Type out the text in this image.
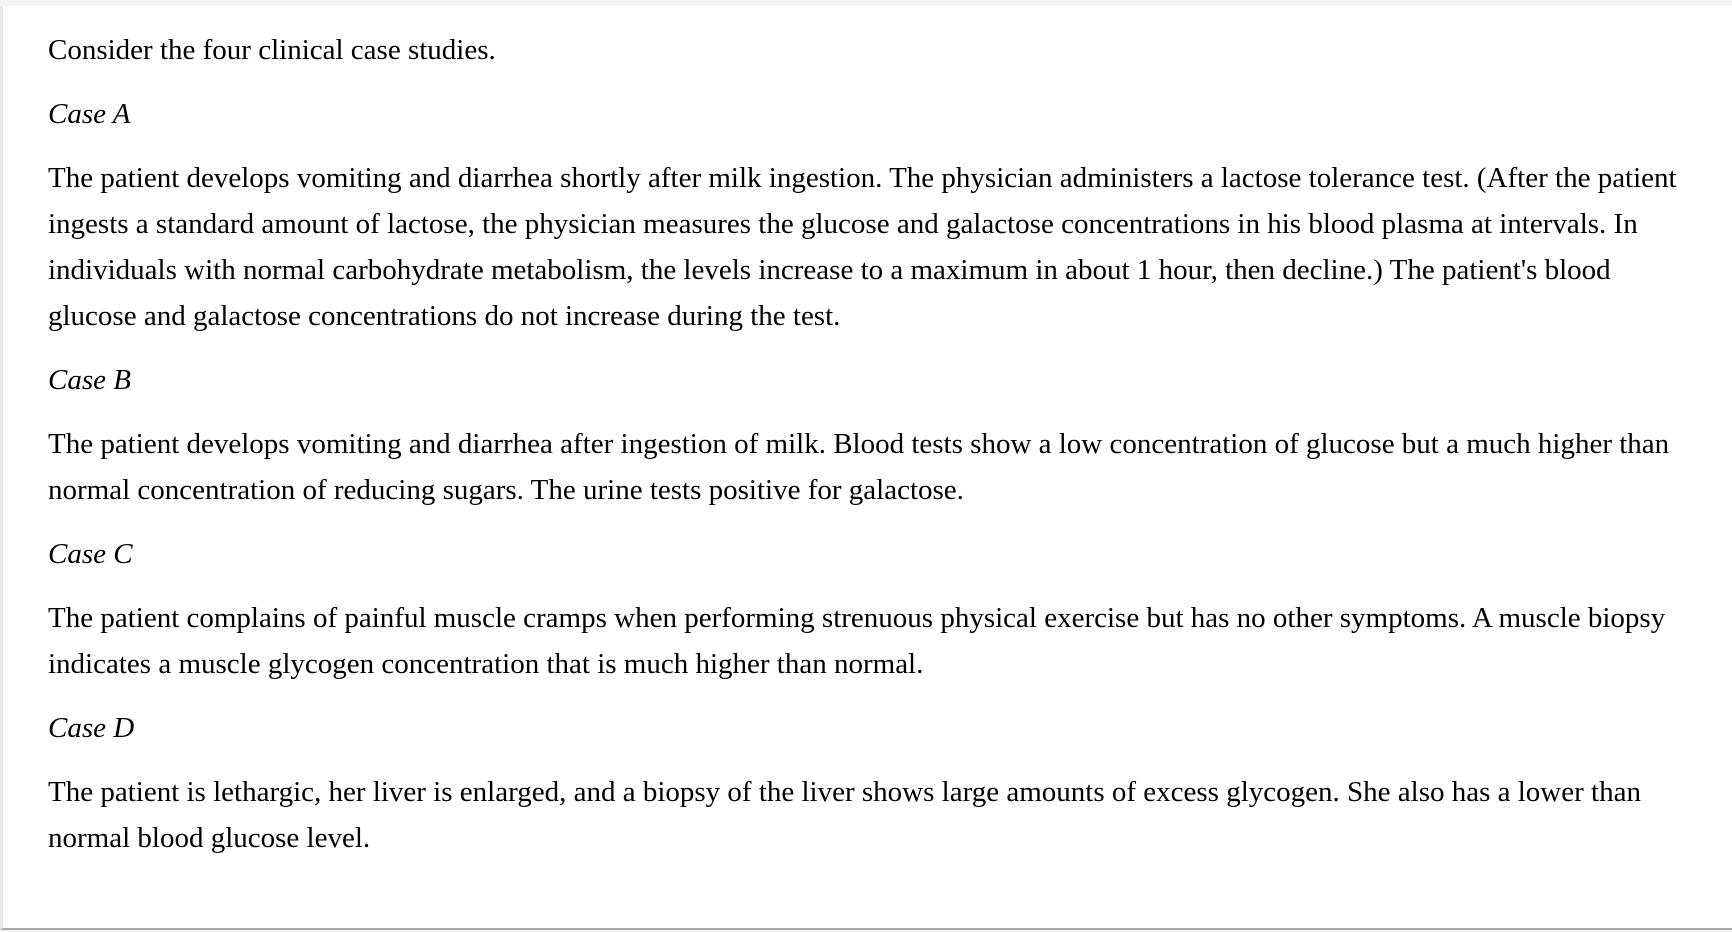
Consider the four clinical case studies.

Case A

The patient develops vomiting and diarrhea shortly after milk ingestion. The physician administers a lactose tolerance test. (After the patient ingests a standard amount of lactose, the physician measures the glucose and galactose concentrations in his blood plasma at intervals. In individuals with normal carbohydrate metabolism, the levels increase to a maximum in about 1 hour, then decline.) The patient's blood glucose and galactose concentrations do not increase during the test.

Case B

The patient develops vomiting and diarrhea after ingestion of milk. Blood tests show a low concentration of glucose but a much higher than normal concentration of reducing sugars. The urine tests positive for galactose.

Case C

The patient complains of painful muscle cramps when performing strenuous physical exercise but has no other symptoms. A muscle biopsy indicates a muscle glycogen concentration that is much higher than normal.

Case D

The patient is lethargic, her liver is enlarged, and a biopsy of the liver shows large amounts of excess glycogen. She also has a lower than normal blood glucose level.
